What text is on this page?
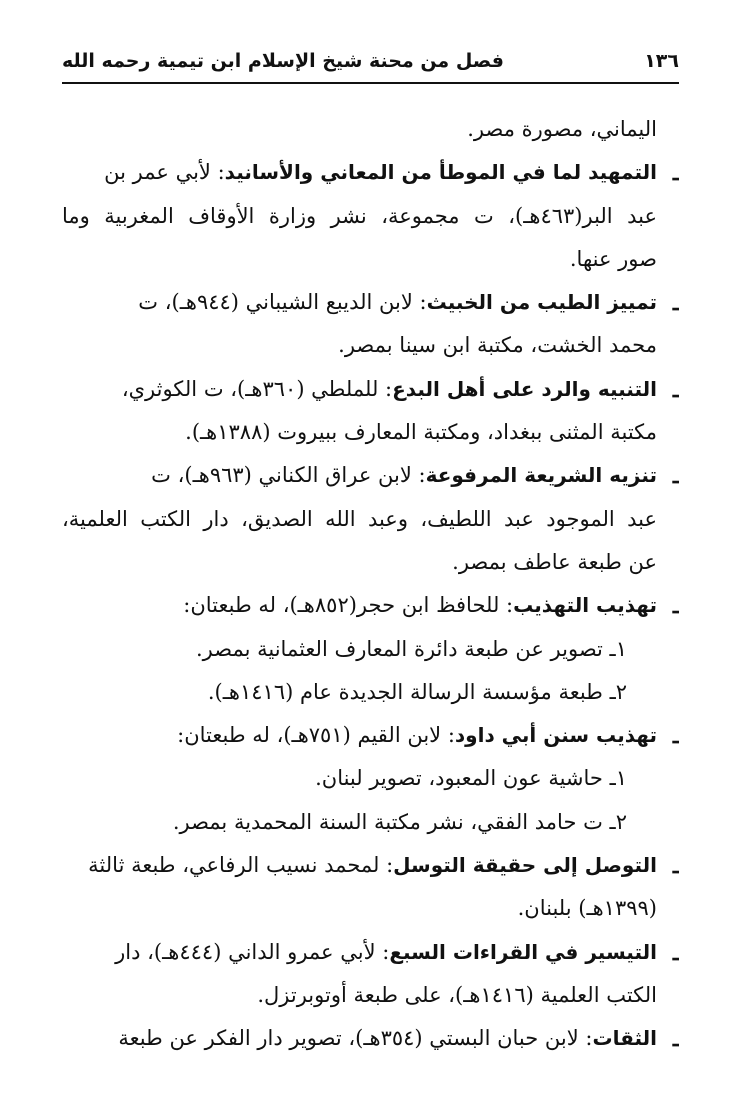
١٣٦
فصل من محنة شيخ الإسلام ابن تيمية رحمه الله
اليماني، مصورة مصر.
ـ
التمهيد لما في الموطأ من المعاني والأسانيد: لأبي عمر بن
عبد البر(٤٦٣هـ)، ت مجموعة، نشر وزارة الأوقاف المغربية وما
صور عنها.
ـ
تمييز الطيب من الخبيث: لابن الديبع الشيباني (٩٤٤هـ)، ت
محمد الخشت، مكتبة ابن سينا بمصر.
ـ
التنبيه والرد على أهل البدع: للملطي (٣٦٠هـ)، ت الكوثري،
مكتبة المثنى ببغداد، ومكتبة المعارف ببيروت (١٣٨٨هـ).
ـ
تنزيه الشريعة المرفوعة: لابن عراق الكناني (٩٦٣هـ)، ت
عبد الموجود عبد اللطيف، وعبد الله الصديق، دار الكتب العلمية،
عن طبعة عاطف بمصر.
ـ
تهذيب التهذيب: للحافظ ابن حجر(٨٥٢هـ)، له طبعتان:
١ـ تصوير عن طبعة دائرة المعارف العثمانية بمصر.
٢ـ طبعة مؤسسة الرسالة الجديدة عام (١٤١٦هـ).
ـ
تهذيب سنن أبي داود: لابن القيم (٧٥١هـ)، له طبعتان:
١ـ حاشية عون المعبود، تصوير لبنان.
٢ـ ت حامد الفقي، نشر مكتبة السنة المحمدية بمصر.
ـ
التوصل إلى حقيقة التوسل: لمحمد نسيب الرفاعي، طبعة ثالثة
(١٣٩٩هـ) بلبنان.
ـ
التيسير في القراءات السبع: لأبي عمرو الداني (٤٤٤هـ)، دار
الكتب العلمية (١٤١٦هـ)، على طبعة أوتوبرتزل.
ـ
الثقات: لابن حبان البستي (٣٥٤هـ)، تصوير دار الفكر عن طبعة
